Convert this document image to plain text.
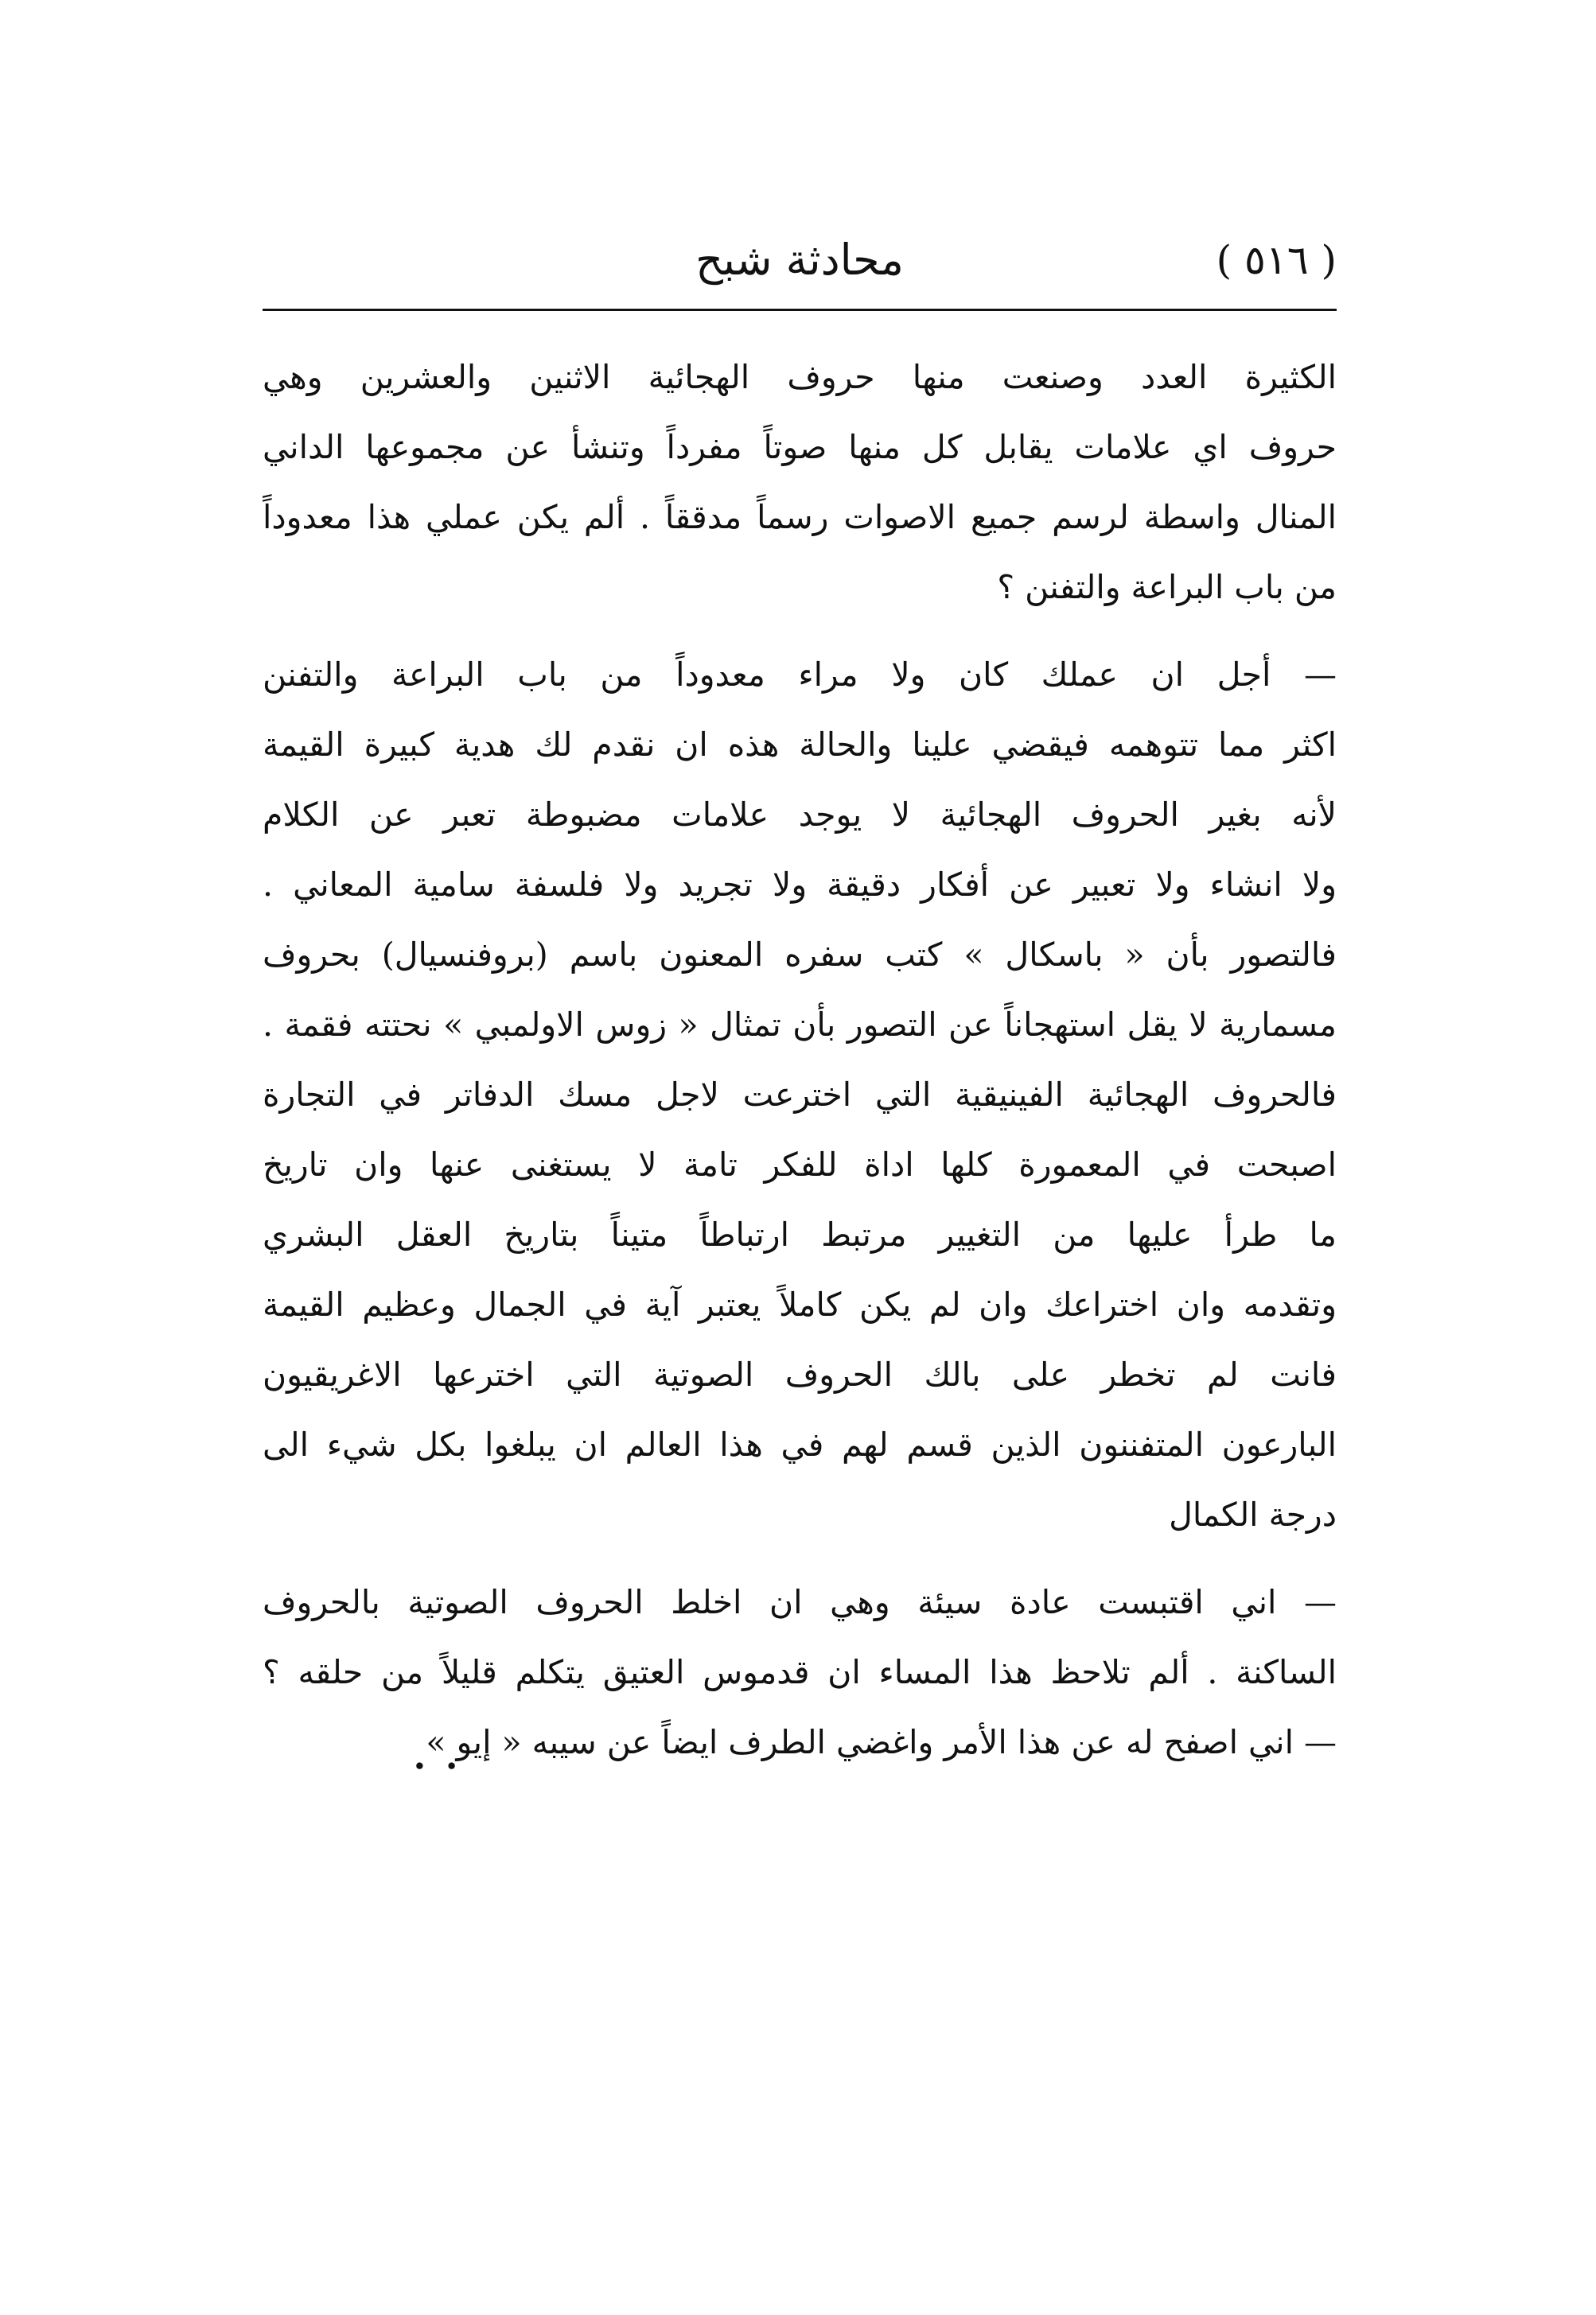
( ٥١٦ )
محادثة شبح
الكثيرة العدد وصنعت منها حروف الهجائية الاثنين والعشرين وهي
حروف اي علامات يقابل كل منها صوتاً مفرداً وتنشأ عن مجموعها الداني
المنال واسطة لرسم جميع الاصوات رسماً مدققاً . ألم يكن عملي هذا معدوداً
من باب البراعة والتفنن ؟
— أجل ان عملك كان ولا مراء معدوداً من باب البراعة والتفنن
اكثر مما تتوهمه فيقضي علينا والحالة هذه ان نقدم لك هدية كبيرة القيمة
لأنه بغير الحروف الهجائية لا يوجد علامات مضبوطة تعبر عن الكلام
ولا انشاء ولا تعبير عن أفكار دقيقة ولا تجريد ولا فلسفة سامية المعاني .
فالتصور بأن « باسكال » كتب سفره المعنون باسم (بروفنسيال) بحروف
مسمارية لا يقل استهجاناً عن التصور بأن تمثال « زوس الاولمبي » نحتته فقمة .
فالحروف الهجائية الفينيقية التي اخترعت لاجل مسك الدفاتر في التجارة
اصبحت في المعمورة كلها اداة للفكر تامة لا يستغنى عنها وان تاريخ
ما طرأ عليها من التغيير مرتبط ارتباطاً متيناً بتاريخ العقل البشري
وتقدمه وان اختراعك وان لم يكن كاملاً يعتبر آية في الجمال وعظيم القيمة
فانت لم تخطر على بالك الحروف الصوتية التي اخترعها الاغريقيون
البارعون المتفننون الذين قسم لهم في هذا العالم ان يبلغوا بكل شيء الى
درجة الكمال
— اني اقتبست عادة سيئة وهي ان اخلط الحروف الصوتية بالحروف
الساكنة . ألم تلاحظ هذا المساء ان قدموس العتيق يتكلم قليلاً من حلقه ؟
— اني اصفح له عن هذا الأمر واغضي الطرف ايضاً عن سيبه « إيو »
∙ ∙
